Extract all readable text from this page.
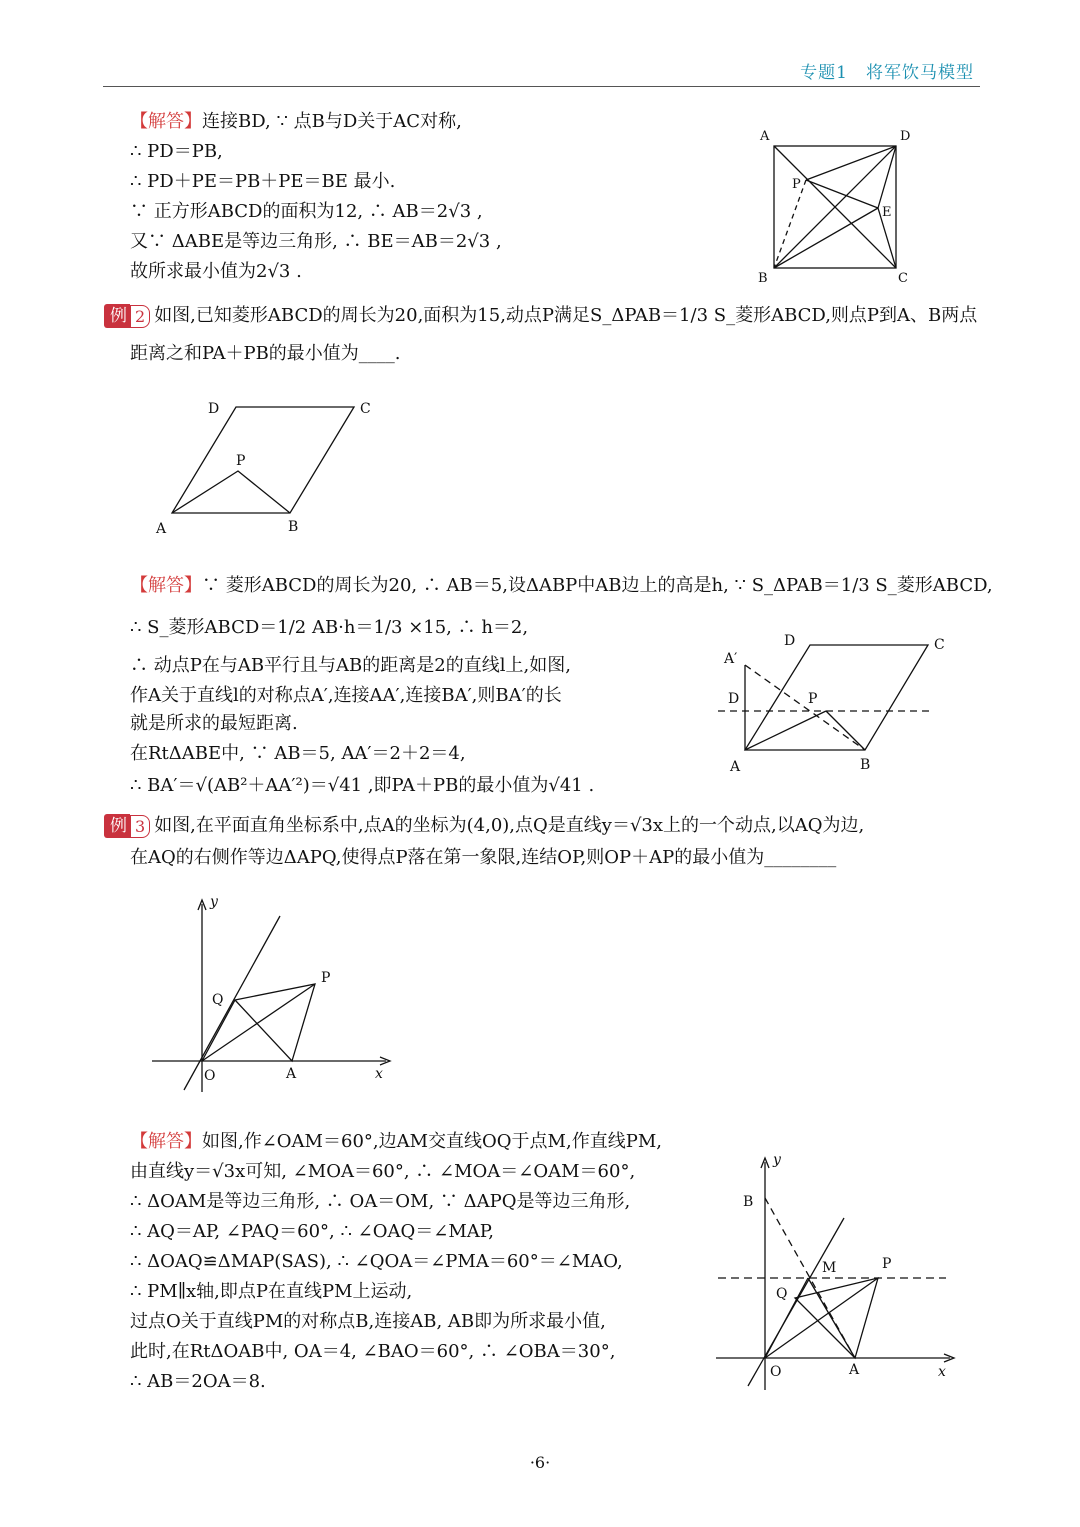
专题1　将军饮马模型
【解答】连接BD, ∵ 点B与D关于AC对称,
∴ PD＝PB,
∴ PD＋PE＝PB＋PE＝BE 最小.
∵ 正方形ABCD的面积为12, ∴ AB＝2√3 ,
又∵ ΔABE是等边三角形, ∴ BE＝AB＝2√3 ,
故所求最小值为2√3 .
A	D
P
E
B	C
例 2 如图,已知菱形ABCD的周长为20,面积为15,动点P满足S_ΔPAB＝1/3 S_菱形ABCD,则点P到A、B两点
距离之和PA＋PB的最小值为____.
D	C
P
A	B
【解答】∵ 菱形ABCD的周长为20, ∴ AB＝5,设ΔABP中AB边上的高是h, ∵ S_ΔPAB＝1/3 S_菱形ABCD,
∴ S_菱形ABCD＝1/2 AB·h＝1/3 ×15, ∴ h＝2,
∴ 动点P在与AB平行且与AB的距离是2的直线l上,如图,
作A关于直线l的对称点A′,连接AA′,连接BA′,则BA′的长
就是所求的最短距离.
在RtΔABE中, ∵ AB＝5, AA′＝2＋2＝4,
∴ BA′＝√(AB²＋AA′²)＝√41 ,即PA＋PB的最小值为√41 .
D	C
A′
D	P
A	B
例 3 如图,在平面直角坐标系中,点A的坐标为(4,0),点Q是直线y＝√3x上的一个动点,以AQ为边,
在AQ的右侧作等边ΔAPQ,使得点P落在第一象限,连结OP,则OP＋AP的最小值为________
y
P
Q
O	A	x
【解答】如图,作∠OAM＝60°,边AM交直线OQ于点M,作直线PM,
由直线y＝√3x可知, ∠MOA＝60°, ∴ ∠MOA＝∠OAM＝60°,
∴ ΔOAM是等边三角形, ∴ OA＝OM, ∵ ΔAPQ是等边三角形,
∴ AQ＝AP, ∠PAQ＝60°, ∴ ∠OAQ＝∠MAP,
∴ ΔOAQ≌ΔMAP(SAS), ∴ ∠QOA＝∠PMA＝60°＝∠MAO,
∴ PM∥x轴,即点P在直线PM上运动,
过点O关于直线PM的对称点B,连接AB, AB即为所求最小值,
此时,在RtΔOAB中, OA＝4, ∠BAO＝60°, ∴ ∠OBA＝30°,
∴ AB＝2OA＝8.
y
B
M	P
Q
O	A	x
·6·
